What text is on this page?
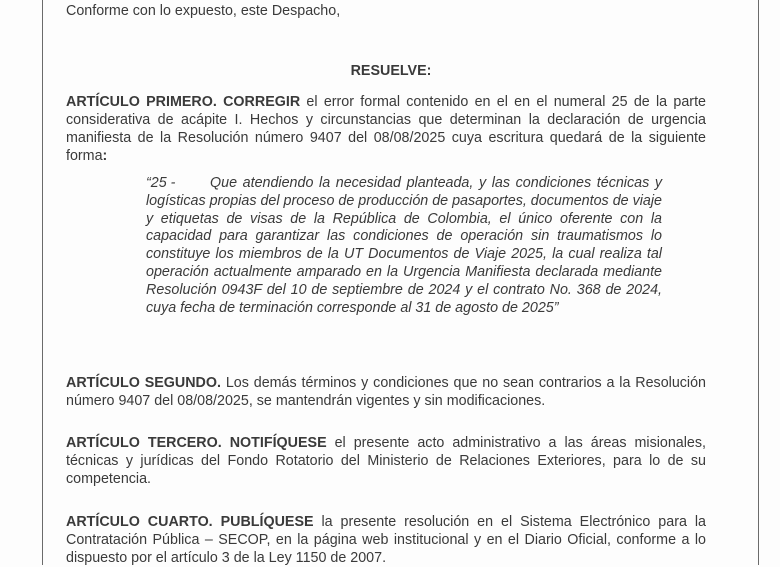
Conforme con lo expuesto, este Despacho,

RESUELVE:

ARTÍCULO PRIMERO. CORREGIR el error formal contenido en el en el numeral 25 de la parte considerativa de acápite I. Hechos y circunstancias que determinan la declaración de urgencia manifiesta de la Resolución número 9407 del 08/08/2025 cuya escritura quedará de la siguiente forma:

“25 - Que atendiendo la necesidad planteada, y las condiciones técnicas y logísticas propias del proceso de producción de pasaportes, documentos de viaje y etiquetas de visas de la República de Colombia, el único oferente con la capacidad para garantizar las condiciones de operación sin traumatismos lo constituye los miembros de la UT Documentos de Viaje 2025, la cual realiza tal operación actualmente amparado en la Urgencia Manifiesta declarada mediante Resolución 0943F del 10 de septiembre de 2024 y el contrato No. 368 de 2024, cuya fecha de terminación corresponde al 31 de agosto de 2025”

ARTÍCULO SEGUNDO. Los demás términos y condiciones que no sean contrarios a la Resolución número 9407 del 08/08/2025, se mantendrán vigentes y sin modificaciones.

ARTÍCULO TERCERO. NOTIFÍQUESE el presente acto administrativo a las áreas misionales, técnicas y jurídicas del Fondo Rotatorio del Ministerio de Relaciones Exteriores, para lo de su competencia.

ARTÍCULO CUARTO. PUBLÍQUESE la presente resolución en el Sistema Electrónico para la Contratación Pública – SECOP, en la página web institucional y en el Diario Oficial, conforme a lo dispuesto por el artículo 3 de la Ley 1150 de 2007.
